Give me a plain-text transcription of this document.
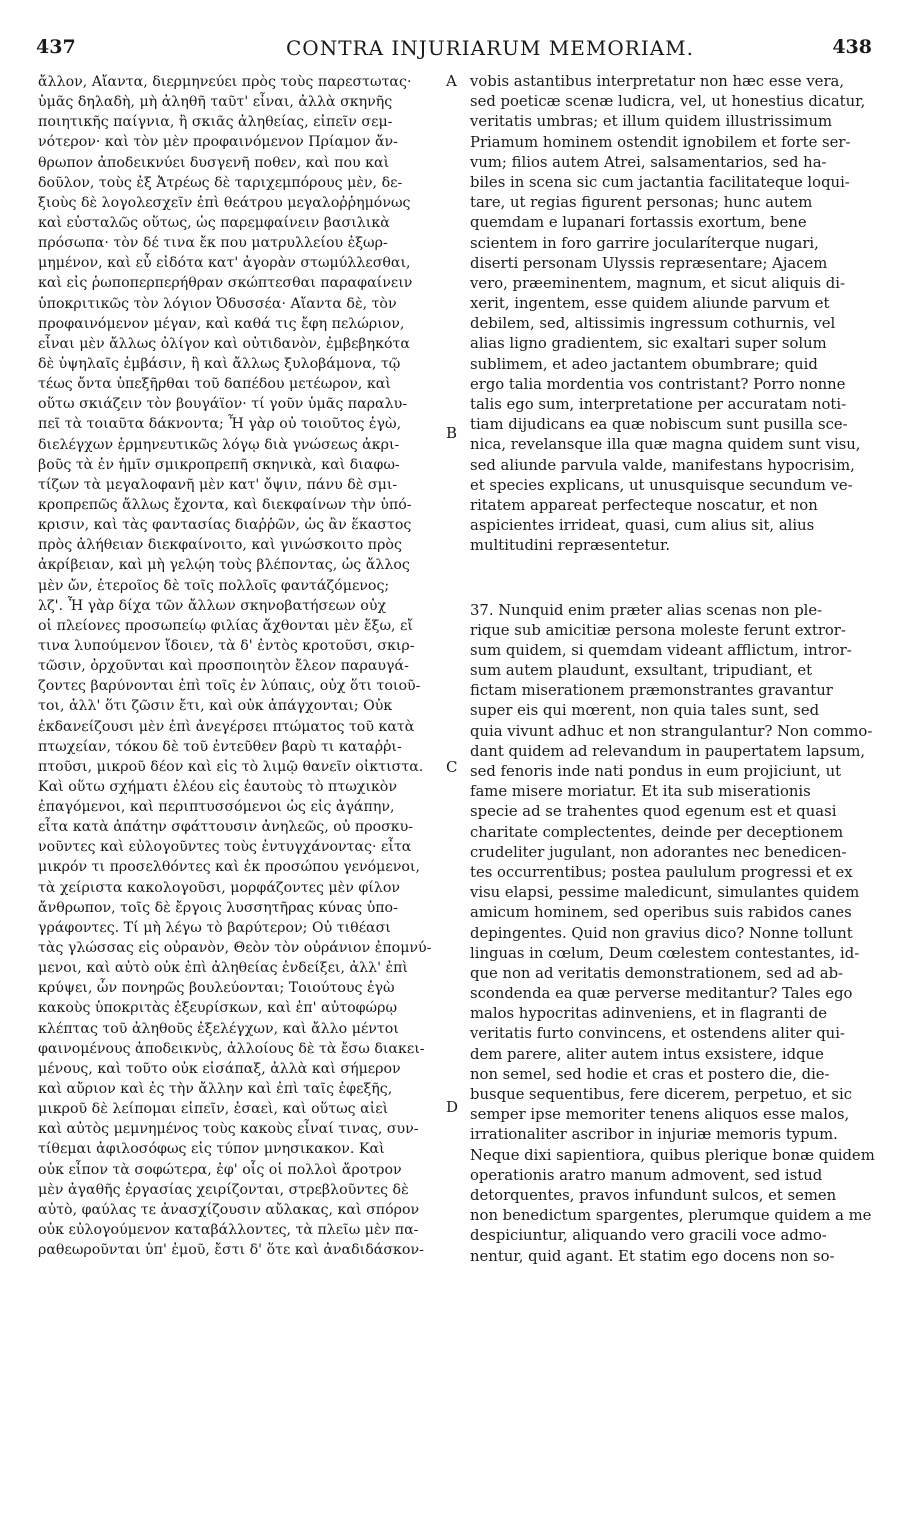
437	CONTRA INJURIARUM MEMORIAM.	438
ἄλλον, Αἴαντα, διερμηνεύει πρὸς τοὺς παρεστωτας·
ὑμᾶς δηλαδὴ, μὴ ἀληθῆ ταῦτ' εἶναι, ἀλλὰ σκηνῆς
ποιητικῆς παίγνια, ἢ σκιᾶς ἀληθείας, εἰπεῖν σεμ-
νότερον· καὶ τὸν μὲν προφαινόμενον Πρίαμον ἄν-
θρωπον ἀποδεικνύει δυσγενῆ ποθεν, καὶ που καὶ
δοῦλον, τοὺς ἐξ Ἀτρέως δὲ ταριχεμπόρους μὲν, δε-
ξιοὺς δὲ λογολεσχεῖν ἐπὶ θεάτρου μεγαλοῤῥημόνως
καὶ εὐσταλῶς οὕτως, ὡς παρεμφαίνειν βασιλικὰ
πρόσωπα· τὸν δέ τινα ἔκ που ματρυλλείου ἐξωρ-
μημένον, καὶ εὖ εἰδότα κατ' ἀγορὰν στωμύλλεσθαι,
καὶ εἰς ῥωποπερπερήθραν σκώπτεσθαι παραφαίνειν
ὑποκριτικῶς τὸν λόγιον Ὀδυσσέα· Αἴαντα δὲ, τὸν
προφαινόμενον μέγαν, καὶ καθά τις ἔφη πελώριον,
εἶναι μὲν ἄλλως ὀλίγον καὶ οὐτιδανὸν, ἐμβεβηκότα
δὲ ὑψηλαῖς ἐμβάσιν, ἢ καὶ ἄλλως ξυλοβάμονα, τῷ
τέως ὄντα ὑπεξῆρθαι τοῦ δαπέδου μετέωρον, καὶ
οὕτω σκιάζειν τὸν βουγάϊον· τί γοῦν ὑμᾶς παραλυ-
πεῖ τὰ τοιαῦτα δάκνοντα; Ἦ γὰρ οὐ τοιοῦτος ἐγὼ,
διελέγχων ἑρμηνευτικῶς λόγῳ διὰ γνώσεως ἀκρι-
βοῦς τὰ ἐν ἡμῖν σμικροπρεπῆ σκηνικὰ, καὶ διαφω-
τίζων τὰ μεγαλοφανῆ μὲν κατ' ὄψιν, πάνυ δὲ σμι-
κροπρεπῶς ἄλλως ἔχοντα, καὶ διεκφαίνων τὴν ὑπό-
κρισιν, καὶ τὰς φαντασίας διαῤῥῶν, ὡς ἂν ἕκαστος
πρὸς ἀλήθειαν διεκφαίνοιτο, καὶ γινώσκοιτο πρὸς
ἀκρίβειαν, καὶ μὴ γελῴη τοὺς βλέποντας, ὡς ἄλλος
μὲν ὤν, ἑτεροῖος δὲ τοῖς πολλοῖς φαντάζόμενος;
λζ'. Ἦ γὰρ δίχα τῶν ἄλλων σκηνοβατήσεων οὐχ
οἱ πλείονες προσωπείῳ φιλίας ἄχθονται μὲν ἔξω, εἴ
τινα λυπούμενον ἴδοιεν, τὰ δ' ἐντὸς κροτοῦσι, σκιρ-
τῶσιν, ὀρχοῦνται καὶ προσποιητὸν ἔλεον παραυγά-
ζοντες βαρύνονται ἐπὶ τοῖς ἐν λύπαις, οὐχ ὅτι τοιοῦ-
τοι, ἀλλ' ὅτι ζῶσιν ἔτι, καὶ οὐκ ἀπάγχονται; Οὐκ
ἐκδανείζουσι μὲν ἐπὶ ἀνεγέρσει πτώματος τοῦ κατὰ
πτωχείαν, τόκου δὲ τοῦ ἐντεῦθεν βαρὺ τι καταῤῥι-
πτοῦσι, μικροῦ δέον καὶ εἰς τὸ λιμῷ θανεῖν οἰκτιστα.
Καὶ οὕτω σχήματι ἐλέου εἰς ἑαυτοὺς τὸ πτωχικὸν
ἐπαγόμενοι, καὶ περιπτυσσόμενοι ὡς εἰς ἀγάπην,
εἶτα κατὰ ἀπάτην σφάττουσιν ἀνηλεῶς, οὐ προσκυ-
νοῦντες καὶ εὐλογοῦντες τοὺς ἐντυγχάνοντας· εἶτα
μικρόν τι προσελθόντες καὶ ἐκ προσώπου γενόμενοι,
τὰ χείριστα κακολογοῦσι, μορφάζοντες μὲν φίλον
ἄνθρωπον, τοῖς δὲ ἔργοις λυσσητῆρας κύνας ὑπο-
γράφοντες. Τί μὴ λέγω τὸ βαρύτερον; Οὐ τιθέασι
τὰς γλώσσας εἰς οὐρανὸν, Θεὸν τὸν οὐράνιον ἐπομνύ-
μενοι, καὶ αὐτὸ οὐκ ἐπὶ ἀληθείας ἐνδείξει, ἀλλ' ἐπὶ
κρύψει, ὧν πονηρῶς βουλεύονται; Τοιούτους ἐγὼ
κακοὺς ὑποκριτὰς ἐξευρίσκων, καὶ ἐπ' αὐτοφώρῳ
κλέπτας τοῦ ἀληθοῦς ἐξελέγχων, καὶ ἄλλο μέντοι
φαινομένους ἀποδεικνὺς, ἀλλοίους δὲ τὰ ἔσω διακει-
μένους, καὶ τοῦτο οὐκ εἰσάπαξ, ἀλλὰ καὶ σήμερον
καὶ αὔριον καὶ ἐς τὴν ἄλλην καὶ ἐπὶ ταῖς ἐφεξῆς,
μικροῦ δὲ λείπομαι εἰπεῖν, ἐσαεὶ, καὶ οὕτως αἰεὶ
καὶ αὐτὸς μεμνημένος τοὺς κακοὺς εἶναί τινας, συν-
τίθεμαι ἀφιλοσόφως εἰς τύπον μνησικακον. Καὶ
οὐκ εἶπον τὰ σοφώτερα, ἐφ' οἷς οἱ πολλοὶ ἄροτρον
μὲν ἀγαθῆς ἐργασίας χειρίζονται, στρεβλοῦντες δὲ
αὐτὸ, φαύλας τε ἀνασχίζουσιν αὔλακας, καὶ σπόρον
οὐκ εὐλογούμενον καταβάλλοντες, τὰ πλεῖω μὲν πα-
ραθεωροῦνται ὑπ' ἐμοῦ, ἔστι δ' ὅτε καὶ ἀναδιδάσκον-
vobis astantibus interpretatur non hæc esse vera,
sed poeticæ scenæ ludicra, vel, ut honestius dicatur,
veritatis umbras; et illum quidem illustrissimum
Priamum hominem ostendit ignobilem et forte ser-
vum; filios autem Atrei, salsamentarios, sed ha-
biles in scena sic cum jactantia facilitateque loqui-
tare, ut regias figurent personas; hunc autem
quemdam e lupanari fortassis exortum, bene
scientem in foro garrire jocularíterque nugari,
diserti personam Ulyssis repræsentare; Ajacem
vero, præeminentem, magnum, et sicut aliquis di-
xerit, ingentem, esse quidem aliunde parvum et
debilem, sed, altissimis ingressum cothurnis, vel
alias ligno gradientem, sic exaltari super solum
sublimem, et adeo jactantem obumbrare; quid
ergo talia mordentia vos contristant? Porro nonne
talis ego sum, interpretatione per accuratam noti-
tiam dijudicans ea quæ nobiscum sunt pusilla sce-
nica, revelansque illa quæ magna quidem sunt visu,
sed aliunde parvula valde, manifestans hypocrisim,
et species explicans, ut unusquisque secundum ve-
ritatem appareat perfecteque noscatur, et non
aspicientes irrideat, quasi, cum alius sit, alius
multitudini repræsentetur.
37. Nunquid enim præter alias scenas non ple-
rique sub amicitiæ persona moleste ferunt extror-
sum quidem, si quemdam videant afflictum, intror-
sum autem plaudunt, exsultant, tripudiant, et
fictam miserationem præmonstrantes gravantur
super eis qui mœrent, non quia tales sunt, sed
quia vivunt adhuc et non strangulantur? Non commo-
dant quidem ad relevandum in paupertatem lapsum,
sed fenoris inde nati pondus in eum projiciunt, ut
fame misere moriatur. Et ita sub miserationis
specie ad se trahentes quod egenum est et quasi
charitate complectentes, deinde per deceptionem
crudeliter jugulant, non adorantes nec benedicen-
tes occurrentibus; postea paululum progressi et ex
visu elapsi, pessime maledicunt, simulantes quidem
amicum hominem, sed operibus suis rabidos canes
depingentes. Quid non gravius dico? Nonne tollunt
linguas in cœlum, Deum cœlestem contestantes, id-
que non ad veritatis demonstrationem, sed ad ab-
scondenda ea quæ perverse meditantur? Tales ego
malos hypocritas adinveniens, et in flagranti de
veritatis furto convincens, et ostendens aliter qui-
dem parere, aliter autem intus exsistere, idque
non semel, sed hodie et cras et postero die, die-
busque sequentibus, fere dicerem, perpetuo, et sic
semper ipse memoriter tenens aliquos esse malos,
irrationaliter ascribor in injuriæ memoris typum.
Neque dixi sapientiora, quibus plerique bonæ quidem
operationis aratro manum admovent, sed istud
detorquentes, pravos infundunt sulcos, et semen
non benedictum spargentes, plerumque quidem a me
despiciuntur, aliquando vero gracili voce admo-
nentur, quid agant. Et statim ego docens non so-
A
B
C
D
